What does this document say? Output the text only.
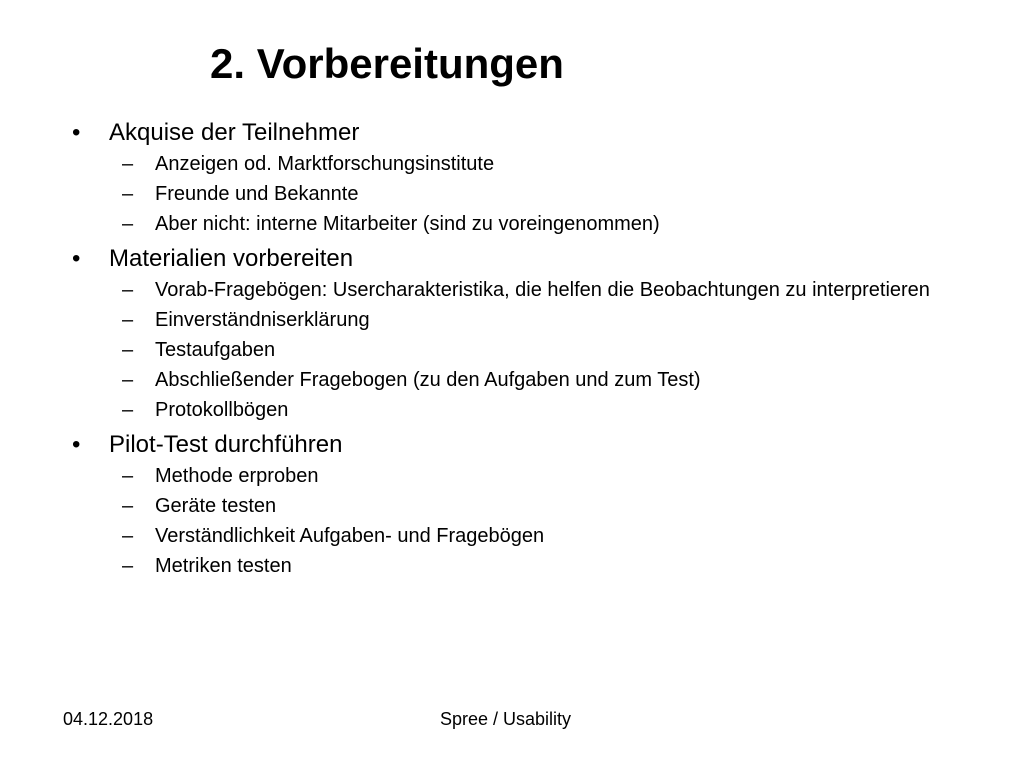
2. Vorbereitungen
• Akquise der Teilnehmer
– Anzeigen od. Marktforschungsinstitute
– Freunde und Bekannte
– Aber nicht: interne Mitarbeiter (sind zu voreingenommen)
• Materialien vorbereiten
– Vorab-Fragebögen: Usercharakteristika, die helfen die Beobachtungen zu interpretieren
– Einverständniserklärung
– Testaufgaben
– Abschließender Fragebogen (zu den Aufgaben und zum Test)
– Protokollbögen
• Pilot-Test durchführen
– Methode erproben
– Geräte testen
– Verständlichkeit Aufgaben- und Fragebögen
– Metriken testen
04.12.2018	Spree / Usability
